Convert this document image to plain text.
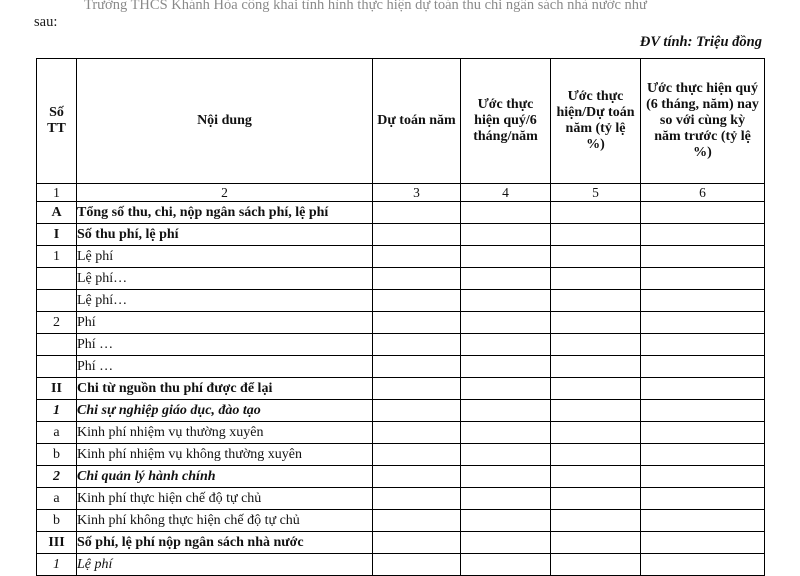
Trường THCS Khánh Hòa công khai tình hình thực hiện dự toán thu chi ngân sách nhà nước như
sau:
ĐV tính: Triệu đồng
Số TT	Nội dung	Dự toán năm	Ước thực hiện quý/6 tháng/năm	Ước thực hiện/Dự toán năm (tỷ lệ %)	Ước thực hiện quý (6 tháng, năm) nay so với cùng kỳ năm trước (tỷ lệ %)
1	2	3	4	5	6
A	Tổng số thu, chi, nộp ngân sách phí, lệ phí				
I	Số thu phí, lệ phí				
1	Lệ phí				
	Lệ phí…				
	Lệ phí…				
2	Phí				
	Phí …				
	Phí …				
II	Chi từ nguồn thu phí được để lại				
1	Chi sự nghiệp giáo dục, đào tạo				
a	Kinh phí nhiệm vụ thường xuyên				
b	Kinh phí nhiệm vụ không thường xuyên				
2	Chi quản lý hành chính				
a	Kinh phí thực hiện chế độ tự chủ				
b	Kinh phí không thực hiện chế độ tự chủ				
III	Số phí, lệ phí nộp ngân sách nhà nước				
1	Lệ phí				
